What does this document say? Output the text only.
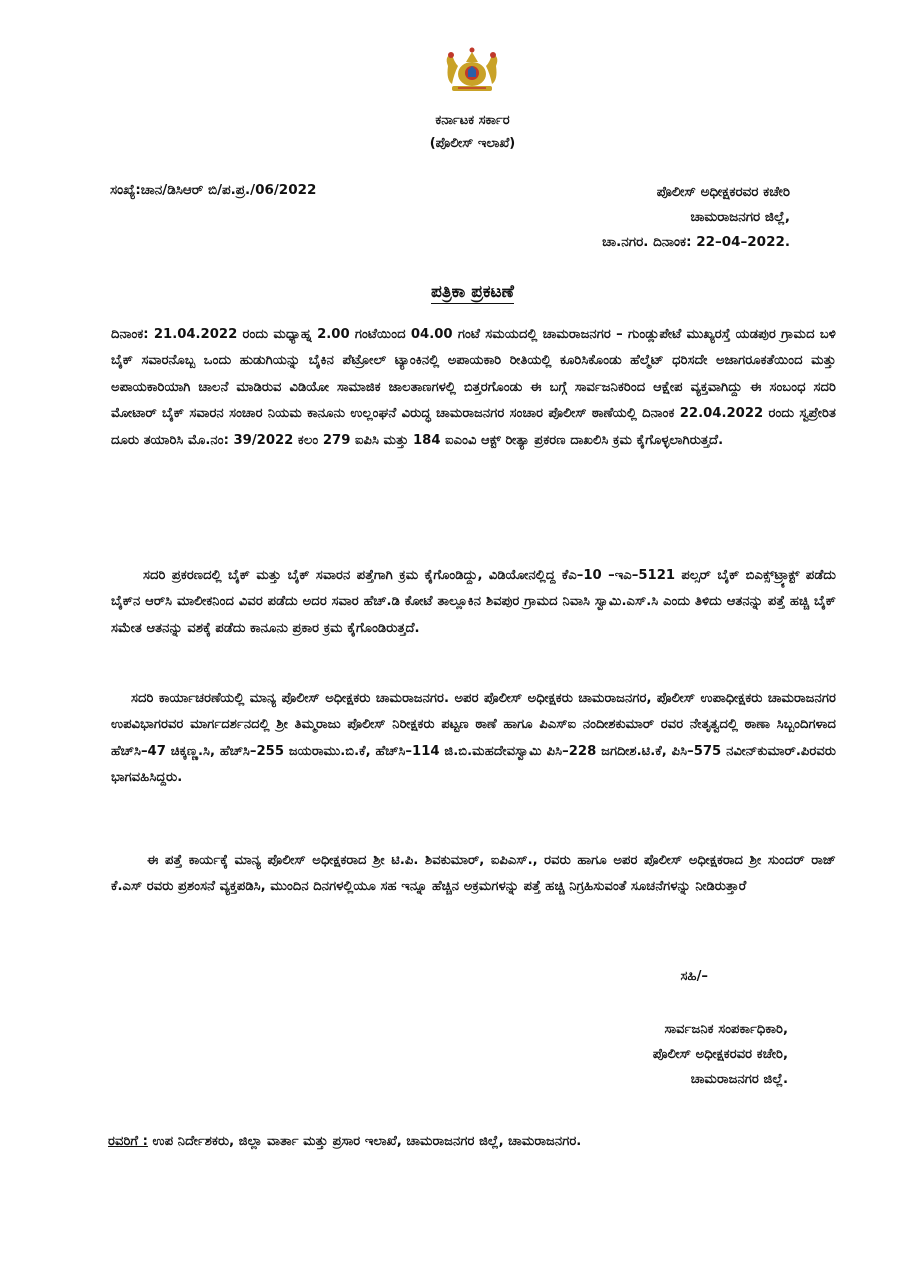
ಕರ್ನಾಟಕ ಸರ್ಕಾರ
(ಪೊಲೀಸ್ ಇಲಾಖೆ)
ಸಂಖ್ಯೆ:ಚಾನ/ಡಿಸಿಆರ್ ಬಿ/ಪ.ಪ್ರ./06/2022	ಪೊಲೀಸ್ ಅಧೀಕ್ಷಕರವರ ಕಚೇರಿ
ಚಾಮರಾಜನಗರ ಜಿಲ್ಲೆ,
ಚಾ.ನಗರ. ದಿನಾಂಕ: 22–04–2022.
ಪತ್ರಿಕಾ ಪ್ರಕಟಣೆ
ದಿನಾಂಕ: 21.04.2022 ರಂದು ಮಧ್ಯಾಹ್ನ 2.00 ಗಂಟೆಯಿಂದ 04.00 ಗಂಟೆ ಸಮಯದಲ್ಲಿ ಚಾಮರಾಜನಗರ – ಗುಂಡ್ಲುಪೇಟೆ ಮುಖ್ಯರಸ್ತೆ ಯಡಪುರ ಗ್ರಾಮದ ಬಳಿ ಬೈಕ್ ಸವಾರನೊಬ್ಬ ಒಂದು ಹುಡುಗಿಯನ್ನು ಬೈಕಿನ ಪೆಟ್ರೋಲ್ ಟ್ಯಾಂಕಿನಲ್ಲಿ ಅಪಾಯಕಾರಿ ರೀತಿಯಲ್ಲಿ ಕೂರಿಸಿಕೊಂಡು ಹೆಲ್ಮೆಟ್ ಧರಿಸದೇ ಅಜಾಗರೂಕತೆಯಿಂದ ಮತ್ತು ಅಪಾಯಕಾರಿಯಾಗಿ ಚಾಲನೆ ಮಾಡಿರುವ ವಿಡಿಯೋ ಸಾಮಾಜಿಕ ಜಾಲತಾಣಗಳಲ್ಲಿ ಬಿತ್ತರಗೊಂಡು ಈ ಬಗ್ಗೆ ಸಾರ್ವಜನಿಕರಿಂದ ಆಕ್ಷೇಪ ವ್ಯಕ್ತವಾಗಿದ್ದು ಈ ಸಂಬಂಧ ಸದರಿ ಮೋಟಾರ್ ಬೈಕ್ ಸವಾರನ ಸಂಚಾರ ನಿಯಮ ಕಾನೂನು ಉಲ್ಲಂಘನೆ ವಿರುದ್ಧ ಚಾಮರಾಜನಗರ ಸಂಚಾರ ಪೊಲೀಸ್ ಠಾಣೆಯಲ್ಲಿ ದಿನಾಂಕ 22.04.2022 ರಂದು ಸ್ವಪ್ರೇರಿತ ದೂರು ತಯಾರಿಸಿ ಮೊ.ನಂ: 39/2022 ಕಲಂ 279 ಐಪಿಸಿ ಮತ್ತು 184 ಐಎಂವಿ ಆಕ್ಟ್ ರೀತ್ಯಾ ಪ್ರಕರಣ ದಾಖಲಿಸಿ ಕ್ರಮ ಕೈಗೊಳ್ಳಲಾಗಿರುತ್ತದೆ.
ಸದರಿ ಪ್ರಕರಣದಲ್ಲಿ ಬೈಕ್ ಮತ್ತು ಬೈಕ್ ಸವಾರನ ಪತ್ತೆಗಾಗಿ ಕ್ರಮ ಕೈಗೊಂಡಿದ್ದು, ವಿಡಿಯೋನಲ್ಲಿದ್ದ ಕೆಎ–10 –ಇಎ–5121 ಪಲ್ಸರ್ ಬೈಕ್ ಬಿಎಕ್ಸ್‌ಟ್ರ್ಯಾಕ್ಟ್ ಪಡೆದು ಬೈಕ್‌ನ ಆರ್‌ಸಿ ಮಾಲೀಕನಿಂದ ವಿವರ ಪಡೆದು ಅದರ ಸವಾರ ಹೆಚ್.ಡಿ ಕೋಟೆ ತಾಲ್ಲೂಕಿನ ಶಿವಪುರ ಗ್ರಾಮದ ನಿವಾಸಿ ಸ್ವಾಮಿ.ಎಸ್.ಸಿ ಎಂದು ತಿಳಿದು ಆತನನ್ನು ಪತ್ತೆ ಹಚ್ಚಿ ಬೈಕ್ ಸಮೇತ ಆತನನ್ನು ವಶಕ್ಕೆ ಪಡೆದು ಕಾನೂನು ಪ್ರಕಾರ ಕ್ರಮ ಕೈಗೊಂಡಿರುತ್ತದೆ.
ಸದರಿ ಕಾರ್ಯಾಚರಣೆಯಲ್ಲಿ ಮಾನ್ಯ ಪೊಲೀಸ್ ಅಧೀಕ್ಷಕರು ಚಾಮರಾಜನಗರ. ಅಪರ ಪೊಲೀಸ್ ಅಧೀಕ್ಷಕರು ಚಾಮರಾಜನಗರ, ಪೊಲೀಸ್ ಉಪಾಧೀಕ್ಷಕರು ಚಾಮರಾಜನಗರ ಉಪವಿಭಾಗರವರ ಮಾರ್ಗದರ್ಶನದಲ್ಲಿ ಶ್ರೀ ತಿಮ್ಮರಾಜು ಪೊಲೀಸ್ ನಿರೀಕ್ಷಕರು ಪಟ್ಟಣ ಠಾಣೆ ಹಾಗೂ ಪಿಎಸ್ಐ ನಂದೀಶಕುಮಾರ್ ರವರ ನೇತೃತ್ವದಲ್ಲಿ ಠಾಣಾ ಸಿಬ್ಬಂದಿಗಳಾದ ಹೆಚ್‌ಸಿ–47 ಚಿಕ್ಕಣ್ಣ.ಸಿ, ಹೆಚ್‌ಸಿ–255 ಜಯರಾಮು.ಬಿ.ಕೆ, ಹೆಚ್‌ಸಿ–114 ಜಿ.ಬಿ.ಮಹದೇವಸ್ವಾಮಿ ಪಿಸಿ–228 ಜಗದೀಶ.ಟಿ.ಕೆ, ಪಿಸಿ–575 ನವೀನ್‌ಕುಮಾರ್.ಪಿರವರು ಭಾಗವಹಿಸಿದ್ದರು.
ಈ ಪತ್ತೆ ಕಾರ್ಯಕ್ಕೆ ಮಾನ್ಯ ಪೊಲೀಸ್ ಅಧೀಕ್ಷಕರಾದ ಶ್ರೀ ಟಿ.ಪಿ. ಶಿವಕುಮಾರ್, ಐಪಿಎಸ್., ರವರು ಹಾಗೂ ಅಪರ ಪೊಲೀಸ್ ಅಧೀಕ್ಷಕರಾದ ಶ್ರೀ ಸುಂದರ್ ರಾಜ್ ಕೆ.ಎಸ್ ರವರು ಪ್ರಶಂಸನೆ ವ್ಯಕ್ತಪಡಿಸಿ, ಮುಂದಿನ ದಿನಗಳಲ್ಲಿಯೂ ಸಹ ಇನ್ನೂ ಹೆಚ್ಚಿನ ಅಕ್ರಮಗಳನ್ನು ಪತ್ತೆ ಹಚ್ಚಿ ನಿಗ್ರಹಿಸುವಂತೆ ಸೂಚನೆಗಳನ್ನು ನೀಡಿರುತ್ತಾರೆ
ಸಹಿ/–
ಸಾರ್ವಜನಿಕ ಸಂಪರ್ಕಾಧಿಕಾರಿ,
ಪೊಲೀಸ್ ಅಧೀಕ್ಷಕರವರ ಕಚೇರಿ,
ಚಾಮರಾಜನಗರ ಜಿಲ್ಲೆ.
ರವರಿಗೆ : ಉಪ ನಿರ್ದೇಶಕರು, ಜಿಲ್ಲಾ ವಾರ್ತಾ ಮತ್ತು ಪ್ರಸಾರ ಇಲಾಖೆ, ಚಾಮರಾಜನಗರ ಜಿಲ್ಲೆ, ಚಾಮರಾಜನಗರ.
